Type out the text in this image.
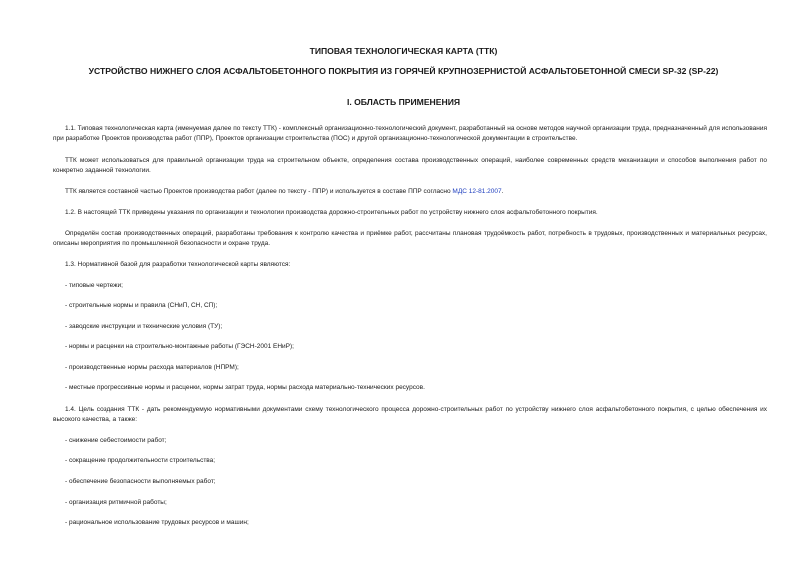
ТИПОВАЯ ТЕХНОЛОГИЧЕСКАЯ КАРТА (ТТК)
УСТРОЙСТВО НИЖНЕГО СЛОЯ АСФАЛЬТОБЕТОННОГО ПОКРЫТИЯ ИЗ ГОРЯЧЕЙ КРУПНОЗЕРНИСТОЙ АСФАЛЬТОБЕТОННОЙ СМЕСИ SP-32 (SP-22)
I. ОБЛАСТЬ ПРИМЕНЕНИЯ
1.1. Типовая технологическая карта (именуемая далее по тексту ТТК) - комплексный организационно-технологический документ, разработанный на основе методов научной организации труда, предназначенный для использования при разработке Проектов производства работ (ППР), Проектов организации строительства (ПОС) и другой организационно-технологической документации в строительстве.
ТТК может использоваться для правильной организации труда на строительном объекте, определения состава производственных операций, наиболее современных средств механизации и способов выполнения работ по конкретно заданной технологии.
ТТК является составной частью Проектов производства работ (далее по тексту - ППР) и используется в составе ППР согласно МДС 12-81.2007.
1.2. В настоящей ТТК приведены указания по организации и технологии производства дорожно-строительных работ по устройству нижнего слоя асфальтобетонного покрытия.
Определён состав производственных операций, разработаны требования к контролю качества и приёмке работ, рассчитаны плановая трудоёмкость работ, потребность в трудовых, производственных и материальных ресурсах, описаны мероприятия по промышленной безопасности и охране труда.
1.3. Нормативной базой для разработки технологической карты являются:
- типовые чертежи;
- строительные нормы и правила (СНиП, СН, СП);
- заводские инструкции и технические условия (ТУ);
- нормы и расценки на строительно-монтажные работы (ГЭСН-2001 ЕНиР);
- производственные нормы расхода материалов (НПРМ);
- местные прогрессивные нормы и расценки, нормы затрат труда, нормы расхода материально-технических ресурсов.
1.4. Цель создания ТТК - дать рекомендуемую нормативными документами схему технологического процесса дорожно-строительных работ по устройству нижнего слоя асфальтобетонного покрытия, с целью обеспечения их высокого качества, а также:
- снижение себестоимости работ;
- сокращение продолжительности строительства;
- обеспечение безопасности выполняемых работ;
- организация ритмичной работы;
- рациональное использование трудовых ресурсов и машин;
